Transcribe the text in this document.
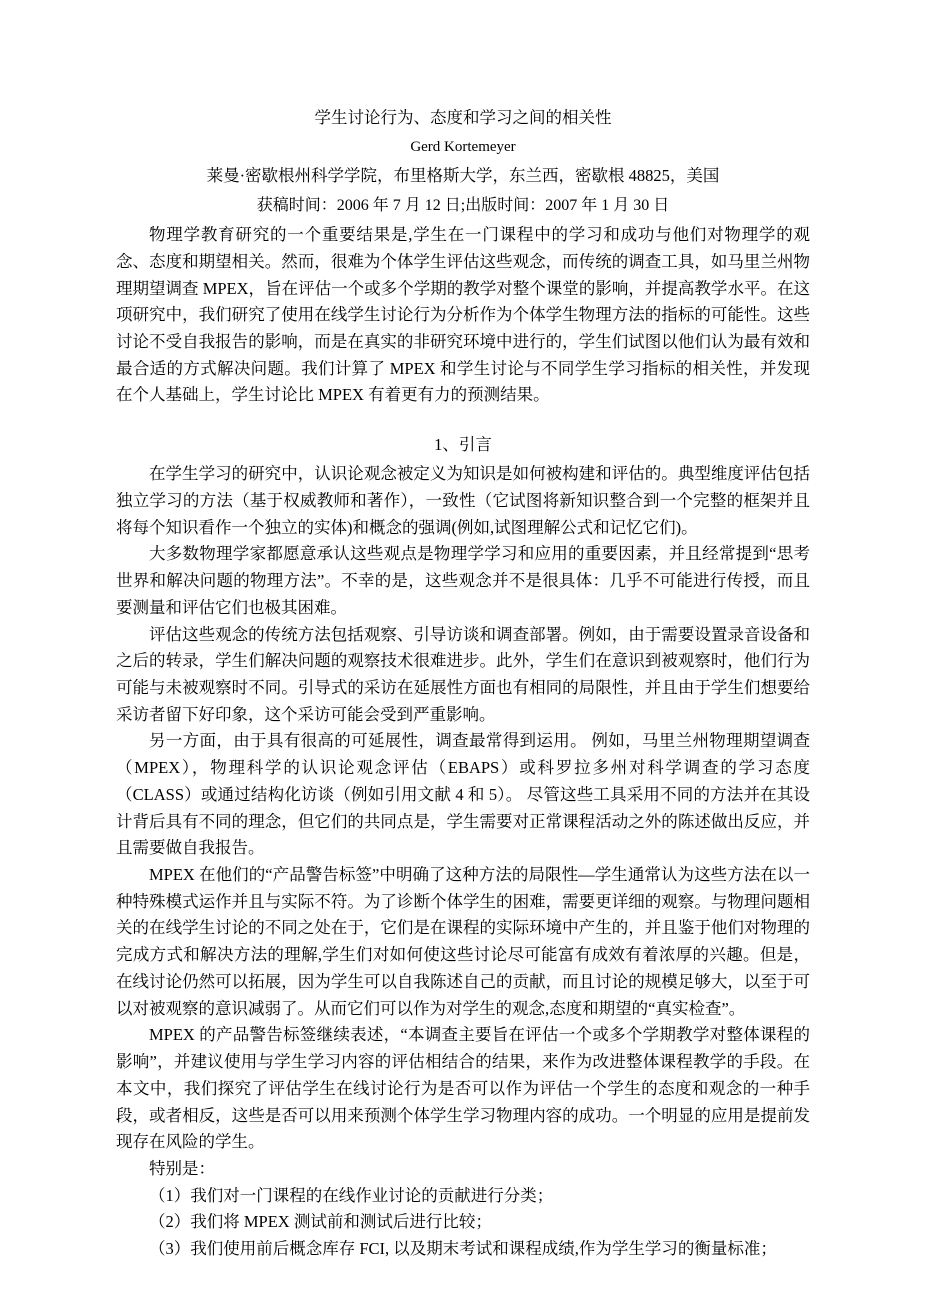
学生讨论行为、态度和学习之间的相关性
Gerd Kortemeyer
莱曼·密歇根州科学学院，布里格斯大学，东兰西，密歇根 48825，美国
获稿时间：2006 年 7 月 12 日;出版时间：2007 年 1 月 30 日

物理学教育研究的一个重要结果是,学生在一门课程中的学习和成功与他们对物理学的观念、态度和期望相关。然而，很难为个体学生评估这些观念，而传统的调查工具，如马里兰州物理期望调查 MPEX，旨在评估一个或多个学期的教学对整个课堂的影响，并提高教学水平。在这项研究中，我们研究了使用在线学生讨论行为分析作为个体学生物理方法的指标的可能性。这些讨论不受自我报告的影响，而是在真实的非研究环境中进行的，学生们试图以他们认为最有效和最合适的方式解决问题。我们计算了 MPEX 和学生讨论与不同学生学习指标的相关性，并发现在个人基础上，学生讨论比 MPEX 有着更有力的预测结果。

1、引言

在学生学习的研究中，认识论观念被定义为知识是如何被构建和评估的。典型维度评估包括独立学习的方法（基于权威教师和著作），一致性（它试图将新知识整合到一个完整的框架并且将每个知识看作一个独立的实体)和概念的强调(例如,试图理解公式和记忆它们)。

大多数物理学家都愿意承认这些观点是物理学学习和应用的重要因素，并且经常提到“思考世界和解决问题的物理方法”。不幸的是，这些观念并不是很具体：几乎不可能进行传授，而且要测量和评估它们也极其困难。

评估这些观念的传统方法包括观察、引导访谈和调查部署。例如，由于需要设置录音设备和之后的转录，学生们解决问题的观察技术很难进步。此外，学生们在意识到被观察时，他们行为可能与未被观察时不同。引导式的采访在延展性方面也有相同的局限性，并且由于学生们想要给采访者留下好印象，这个采访可能会受到严重影响。

另一方面，由于具有很高的可延展性，调查最常得到运用。 例如，马里兰州物理期望调查（MPEX），物理科学的认识论观念评估（EBAPS）或科罗拉多州对科学调查的学习态度（CLASS）或通过结构化访谈（例如引用文献 4 和 5）。 尽管这些工具采用不同的方法并在其设计背后具有不同的理念，但它们的共同点是，学生需要对正常课程活动之外的陈述做出反应，并且需要做自我报告。

MPEX 在他们的“产品警告标签”中明确了这种方法的局限性—学生通常认为这些方法在以一种特殊模式运作并且与实际不符。为了诊断个体学生的困难，需要更详细的观察。与物理问题相关的在线学生讨论的不同之处在于，它们是在课程的实际环境中产生的，并且鉴于他们对物理的完成方式和解决方法的理解,学生们对如何使这些讨论尽可能富有成效有着浓厚的兴趣。但是，在线讨论仍然可以拓展，因为学生可以自我陈述自己的贡献，而且讨论的规模足够大，以至于可以对被观察的意识减弱了。从而它们可以作为对学生的观念,态度和期望的“真实检查”。

MPEX 的产品警告标签继续表述，“本调查主要旨在评估一个或多个学期教学对整体课程的影响”，并建议使用与学生学习内容的评估相结合的结果，来作为改进整体课程教学的手段。在本文中，我们探究了评估学生在线讨论行为是否可以作为评估一个学生的态度和观念的一种手段，或者相反，这些是否可以用来预测个体学生学习物理内容的成功。一个明显的应用是提前发现存在风险的学生。

特别是：

（1）我们对一门课程的在线作业讨论的贡献进行分类；

（2）我们将 MPEX 测试前和测试后进行比较；

（3）我们使用前后概念库存 FCI, 以及期末考试和课程成绩,作为学生学习的衡量标准；
